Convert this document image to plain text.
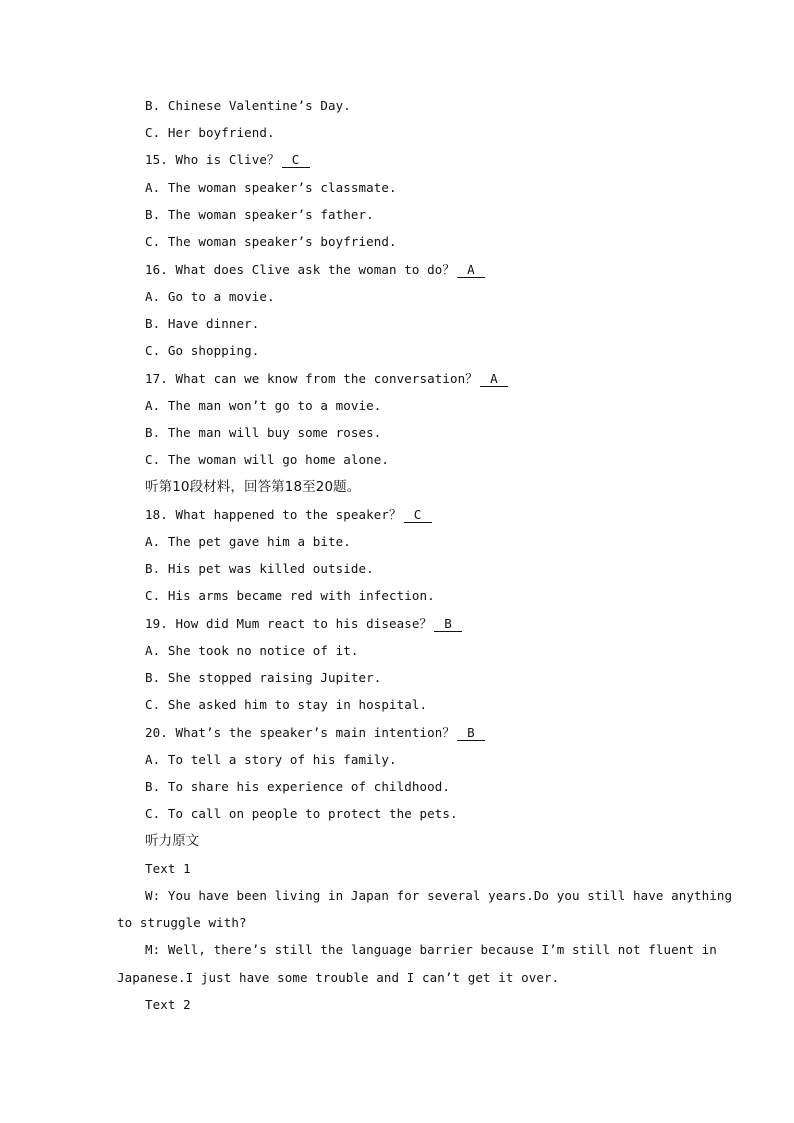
B. Chinese Valentine’s Day.
C. Her boyfriend.
15. Who is Clive？ C
A. The woman speaker’s classmate.
B. The woman speaker’s father.
C. The woman speaker’s boyfriend.
16. What does Clive ask the woman to do？ A
A. Go to a movie.
B. Have dinner.
C. Go shopping.
17. What can we know from the conversation？ A
A. The man won’t go to a movie.
B. The man will buy some roses.
C. The woman will go home alone.
听第10段材料，回答第18至20题。
18. What happened to the speaker？ C
A. The pet gave him a bite.
B. His pet was killed outside.
C. His arms became red with infection.
19. How did Mum react to his disease？ B
A. She took no notice of it.
B. She stopped raising Jupiter.
C. She asked him to stay in hospital.
20. What’s the speaker’s main intention？ B
A. To tell a story of his family.
B. To share his experience of childhood.
C. To call on people to protect the pets.
听力原文
Text 1
W: You have been living in Japan for several years.Do you still have anything
to struggle with?
M: Well, there’s still the language barrier because I’m still not fluent in
Japanese.I just have some trouble and I can’t get it over.
Text 2
